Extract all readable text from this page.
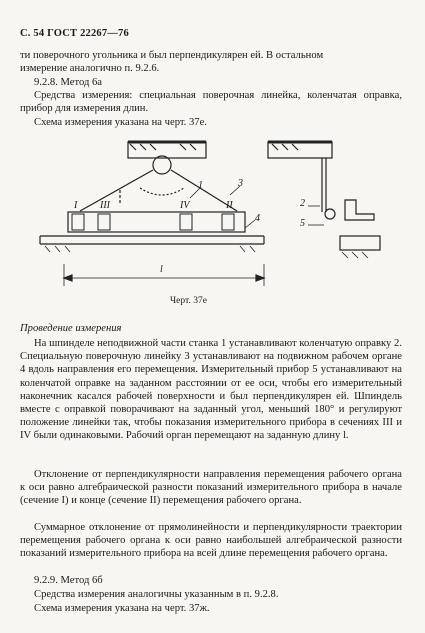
С. 54 ГОСТ 22267—76
ти поверочного угольника и был перпендикулярен ей. В остальном
измерение аналогично п. 9.2.6.
9.2.8. Метод 6а
Средства измерения: специальная поверочная линейка, коленчатая оправка, прибор для измерения длин.
Схема измерения указана на черт. 37е.
1	3
4
III	IV
I	II
l
2
5
Черт. 37е
Проведение измерения
На шпинделе неподвижной части станка 1 устанавливают коленчатую оправку 2. Специальную поверочную линейку 3 устанавливают на подвижном рабочем органе 4 вдоль направления его перемещения. Измерительный прибор 5 устанавливают на коленчатой оправке на заданном расстоянии от ее оси, чтобы его измерительный наконечник касался рабочей поверхности и был перпендикулярен ей. Шпиндель вместе с оправкой поворачивают на заданный угол, меньший 180° и регулируют положение линейки так, чтобы показания измерительного прибора в сечениях III и IV были одинаковыми. Рабочий орган перемещают на заданную длину l.
Отклонение от перпендикулярности направления перемещения рабочего органа к оси равно алгебраической разности показаний измерительного прибора в начале (сечение I) и конце (сечение II) перемещения рабочего органа.
Суммарное отклонение от прямолинейности и перпендикулярности траектории перемещения рабочего органа к оси равно наибольшей алгебраической разности показаний измерительного прибора на всей длине перемещения рабочего органа.
9.2.9. Метод 6б
Средства измерения аналогичны указанным в п. 9.2.8.
Схема измерения указана на черт. 37ж.
